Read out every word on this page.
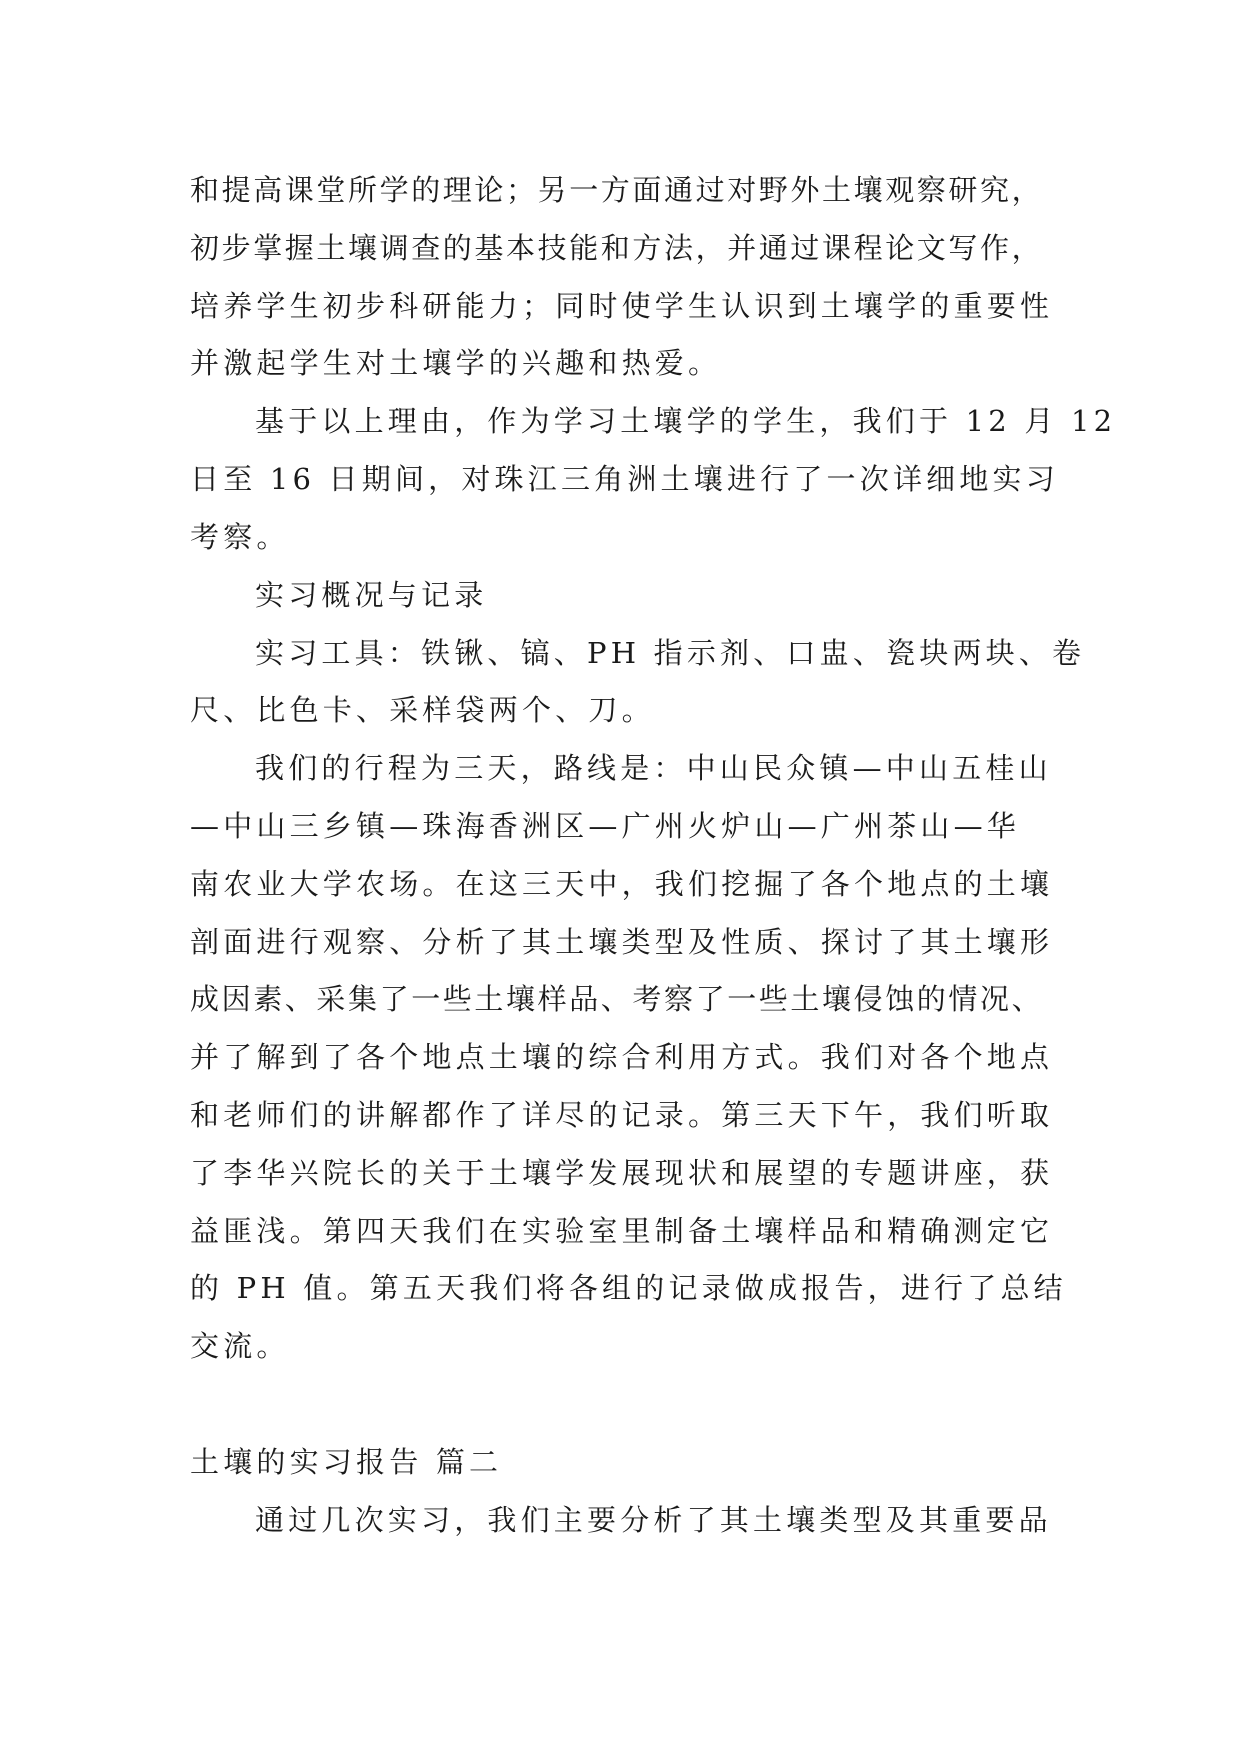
和提高课堂所学的理论；另一方面通过对野外土壤观察研究，
初步掌握土壤调查的基本技能和方法，并通过课程论文写作，
培养学生初步科研能力；同时使学生认识到土壤学的重要性
并激起学生对土壤学的兴趣和热爱。
基于以上理由，作为学习土壤学的学生，我们于 12 月 12
日至 16 日期间，对珠江三角洲土壤进行了一次详细地实习
考察。
实习概况与记录
实习工具：铁锹、镐、PH 指示剂、口盅、瓷块两块、卷
尺、比色卡、采样袋两个、刀。
我们的行程为三天，路线是：中山民众镇—中山五桂山
—中山三乡镇—珠海香洲区—广州火炉山—广州茶山—华
南农业大学农场。在这三天中，我们挖掘了各个地点的土壤
剖面进行观察、分析了其土壤类型及性质、探讨了其土壤形
成因素、采集了一些土壤样品、考察了一些土壤侵蚀的情况、
并了解到了各个地点土壤的综合利用方式。我们对各个地点
和老师们的讲解都作了详尽的记录。第三天下午，我们听取
了李华兴院长的关于土壤学发展现状和展望的专题讲座，获
益匪浅。第四天我们在实验室里制备土壤样品和精确测定它
的 PH 值。第五天我们将各组的记录做成报告，进行了总结
交流。
土壤的实习报告 篇二
通过几次实习，我们主要分析了其土壤类型及其重要品
